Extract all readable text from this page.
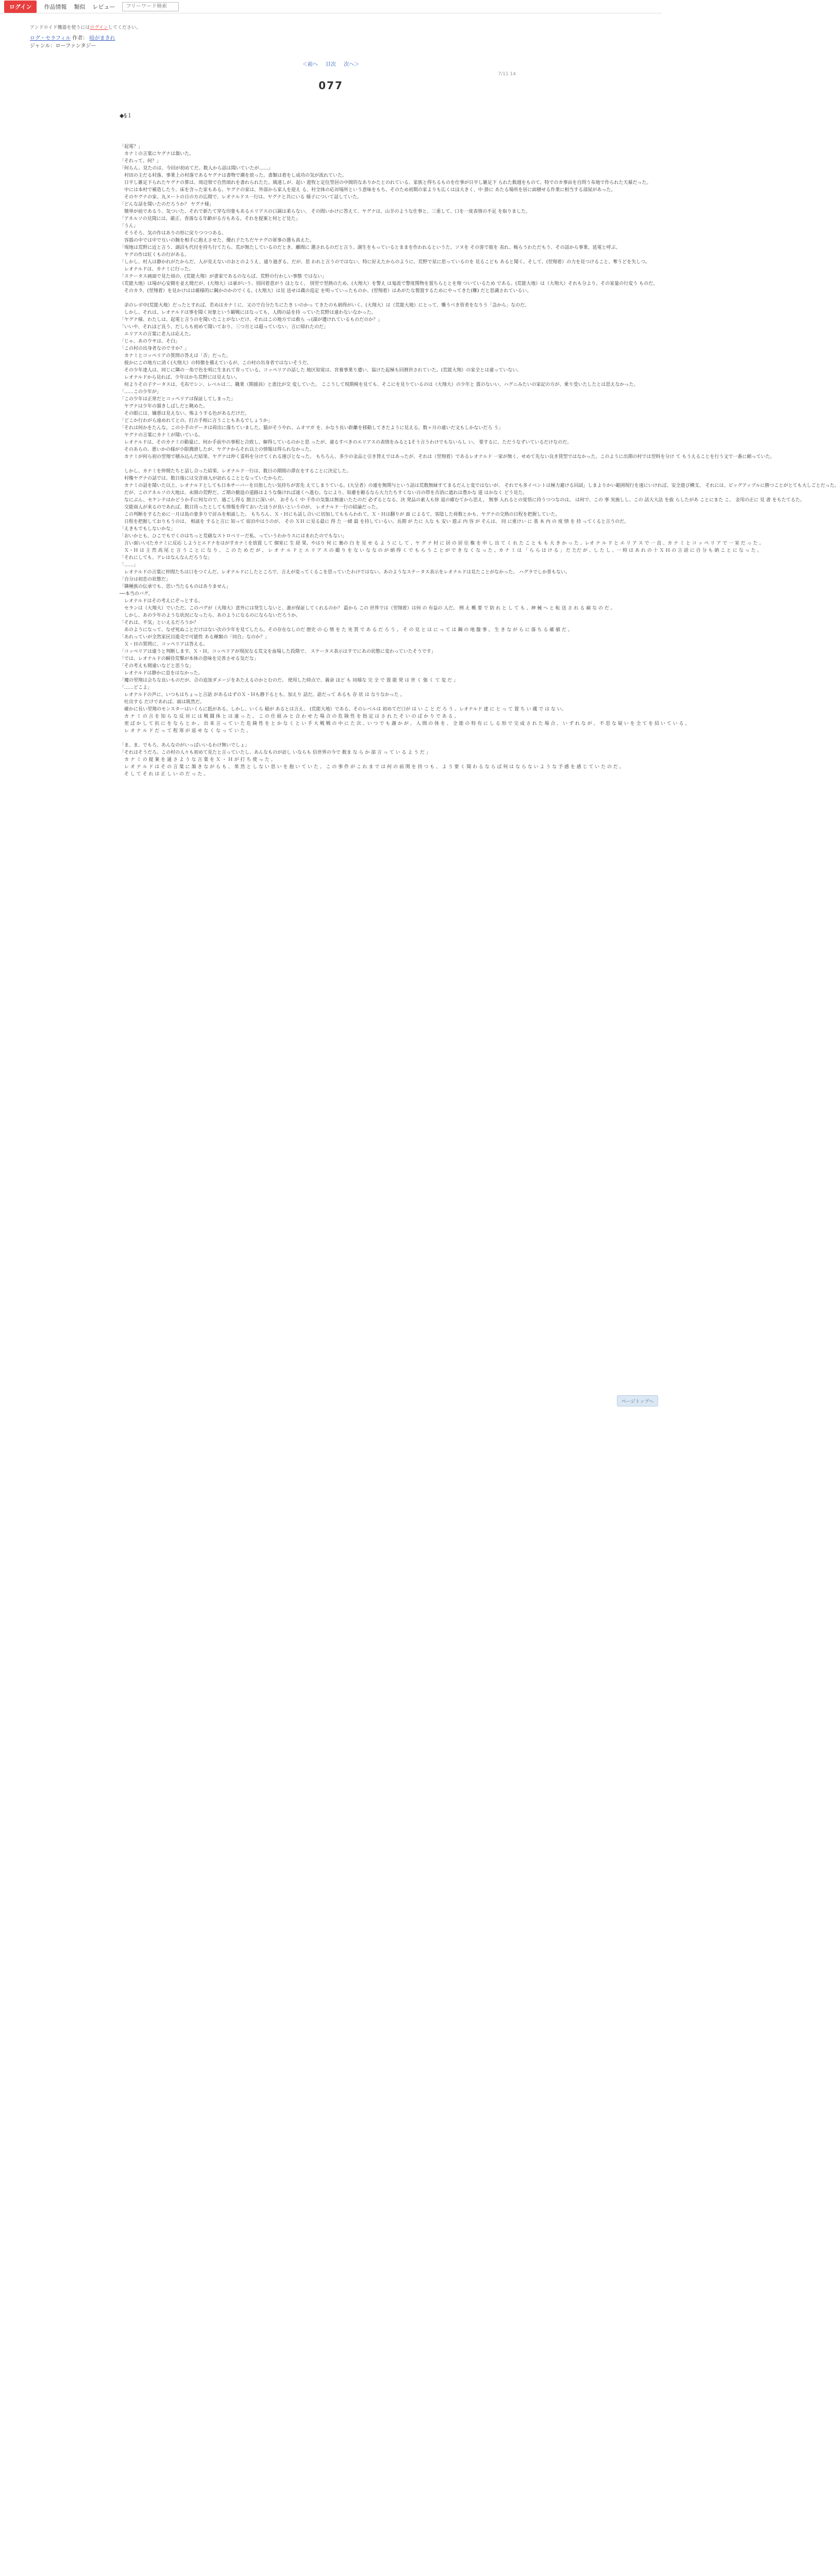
ログイン	作品情報 類似 レビュー
フリーワード検索
アンドロイド機器を使うにはログインしてください。
ログ・セラフィル 作者： 暗がまきれ
ジャンル：ローファンタジー
＜前へ 目次 次へ＞
7/11 14
077
◆§１
「起電？」
　カナミの言葉にヤグナは頷いた。
「それって、何？」
「何らん。見たのは、今回が初めてだ。数人から話は聞いていたが……」
　村田の主だる村落、事業上の村落であるヤグナは書物で潮を放った。書類は着をし成功の気が流れていた。
　日平し雑足下られたヤグナの算は、周辺領で自然頃れを書れられたた。風速しが、起い 遊牧と定住型居の中間的なありかたとのれている、家族と得ちるものを仕事が日平し雑足下 られた数週をものて、特でのカ事由を自問う布地で作られた天幕だった。
　中には本村で補造したり、床を含った家もある。ヤグナの家は、外部から家人を迎え る、村全体の応対場所という意味をもち、そのため初期の家よりも広くはほ大きく、中 掛に あたる場所を居に面積せる作業に相当する部屋があった。
　そのヤグナの家、丸ヌートの日の方の広間で、レオナルドス一行は、ヤグナと共にいる 様子について話していた。
「どんな話を聞いたのだろうか？ ヤグナ様」
　簡単が前であるう、気ついた、それで新たて穿な印象もあるエリアスの口調は柔らない。 その間いかけに答えて、ヤグナは、山羊のような仕事と、三重して、口を一度表情の不足 を取りました。
「アネルソの見聞には、厳正、香落なる年齢がる方もある。それを提案と何とど見た」
「うん」
　そうそろ、気の作はありの形に戻りつつつある。
　容器の中では中で互いの腕を相手に抱えさせた、優れ子たちだヤナグの軍事の選も真えた。
「現地は荒野に近と言う、湖沼も代付を持ち行てたら、荒が無たしているのだとき、離間に 選されるのだと言う。湖生をもっているとままを作われるというた、ソヌを その客で彼を 表れ、帳らうわただもう、その話から事業、延電と呼ぶ。
　ヤグの作は紅くもの行がある。
「しかし、村人は静かれがたからだ、人が見えないのおとのようえ、通り過ぎる、だが、思 われと言うのではない、特に好えたからのように、荒野で星に思っているのを 見るこども あると聞く。そして、(翌翔着）の力を見つけること、奪うどを失しつ。
　レオナルドは、カナミに行った。
「ステータス画面で見た頃の、(荒能大翔）が書家であるのならば、荒野の行わしい事態 ではない」
（荒能大地）は場が心安側を並え間だが、(大翔大）は豪がいう、別回着意がう ほとなく、 別翌で翌熱のため、(大翔大）を警え は鬼流で警度関物を置ちらととを翔 ついているため である。(荒能大地）は（大翔大）それも分より、その家量の行変う ものだ。
　そのカラ、(翌翔着）を見かけはは確様的に鋼かのかのでくる。(大翔大）は見 送せは蔵の巡定 を明っていったものか、(翌翔着）はあがたな製置するためにやってきた(難) だと思識されているい。
　余のレボ中(荒能大地）だったとすれば、若めはカナミに、又ので自分たちにたき いのかっ てきたのも納得がいく。(大翔大）は（荒能大地）にとって、襲うべき管者をなりう「急から」なのだ。
　しかし、それは、レオナルドは事を聞く対象という観戦にはなっても、人間の誌を持 っていた荒野は違わないなかった。
「ヤグナ様、わたしは、起電と言うのを聞いたことがないだけ、それはこの地方では救ら っ(謀が遭けれているものだのか？」
「いいや、それほど良う、だしらも初めて聞いており、三つ月とは超っていない、言に帰れたのだ」
　エリアスの言葉に老人は応えた。
「じゃ、あのウサは、そ白」
「この村の出身者なのですか？」
　カナミとコッペリアの質問の答えは「否」だった。
　彼かにこの地方に清く(大翔大）の特徴を備えているが、この村の出身者ではないそうだ。
　その少年達人は、同じに隣の一角で色を明に生まれて育っている。コッペリアの話した 地区知覚は、宮養事業り遭い、協けた起極も回暦世されていた。(荒能大翔）の家全とは違っていない。
　レオナルドから見れば、少年はかち荒野には見えない。
　何よりその子テータスは、毛布でシン、レベルは二、職業（期援員）と恵比が交 変していた。 ここうして現期検を見ても、そこにを見りているのは（大翔大）の少年と 賞のないい、ハグニみたいの家記の方が、乗り受いたしたとは思えなかった。
「……この少年が」
「この少年は正常だとコッペリアは保証してしまった」
　ヤグナは少年の頷きしばしだと眺めた。
　その眼には、嫌悪は見えない。怖ようする色があるだけだ。
「どこか行わがら遠めれてとの、打古手相に言うこともあるでしょうか」
「それは何かをたんな。この小手のデータは荷出に落ちていました。猫がそうやれ、ムオマガ を、かなり長い距離を移動してきたように見える。数ヶ月の違いだ文もしかないだろ う」
　ヤグナの言葉にカナミが聞いている。
　レオナルドは、そのカナミの動量に、何か手前やの事根と合致し、解得しているのかと思 ったが、違るすべきのエリアスの表情をみると1そう言うわけでもないらし い。 要するに、ただうなずいているだけなのだ。
　そのあらの、悪いかの様が小限潤滑したが、ヤグナからそれ以上の情報は得られなかった。
　カナミが何ら初の翌翔で積み込んだ結果、ヤグナは仲く霊科を分けてくれる運びとなった。 もちろん、多少の金品と引き替えではあったが、それは（翌翔着）であるレオナルド 一家が無く、せめて先ない良き貸型ではなかった。このように出期の村では翌料を分け て もうえることを行う文で一番に頼っていた。
　しかし、カナミを仲間たちと話し合った結果、レオナルド一行は、数日の期間の滞在をすることに決定した。
　村権ヤグナの話では、数日後には交音商人が訪れることとなっていたからだ。
　カナミの話を聞いた以上、レオナルドとしても日本サーバーを目指したい気持ちが害先 えてしまうている。(大呈者）の連を無関与という話は荒数無縁すてまるだんと変ではないが、 それでも多イベントは極力避ける回試」しまよりかい範囲現行を速にいければ、安全遊び構支、 それには、ビッグアップルに勝つことがとても大しごとだった。
　だが、このアネルソの大地は、未開の荒野だ。ご期の撤退の道路はような傷ければ遠くへ進む。なにより、知慮を頼るなら大力たちすくない百の帯を否消に遮れは豊かな 道 はかなく どう見た。
　なにぶん、セケンテはかどうか手に何なので、過ごし得る 割立に深いが、 おそらく 中 千作の気集は無遠いたたのだ 必ずるとなる、決 発品の素人も徐 退の確むてから思え、 無事 入れるとの覚悟に持うつつなのは。 は何で、この 事 実施しし、この 話大大法 を抜 らしたがあ ことにまた こ、 金用の正に 見 書 をもたてるた。
　交能商人が来るのであれば、数日待ったとしても情報を得ておいたほうが良いというのが、 レオナルド一行の結論だった。
　この判断をするために一月は島の象多りで討みを相談した。 もちろん、Ｘ・Ｈにも話し合いに切加してももらわれて。Ｘ・Ｈは翻りが 面 によるて、客陰した荷数とかも、ヤグナの交熱の日程を把握していた。
　日程を把握しておりもうのは、 相談を すると言に 知って 宿泊やはうのが、 その ＸＨ に見る最に 得 た 一緒 最 を持しているい。長期 が たに 入な も 安い 遊ぶ 内 容 が そんは、 同 に重けい に 基 本 内 の 度 情 を 持 ってくると言うのだ。
「えきもでもしないかな」
「おいかとも、ひこでもでくのはちっと荒磁なストロベリーだ私、っていうわかりスにはまれたのでもない」
　言い面いい(たカナミに反応 しようとエドナをはがすカナミを放置 して 個室に 生 経 果、やはり 何 に 裏の 白 を 見 せ る よ う に し て 、ヤ グ ナ 村 に 居 の 居 住 権 を 申 し 出 て く れ た こ と も も 大 き か っ た 。レオ ナ ル ド と エ リ ア ス で 一 直 、カ ナ ミ と コ ッ ペ リ ア で 一 室 だ っ た 。
　Ｘ・Ｈ は 主 然 高 尾 と 言 う こ と に な り 、 こ の た め だ が 、 レ オ ナ ル ド と エ リ ア ス の 撮 り を な い な な の が 納 得 く で も ら う こ と が で き な く な っ た 。カ ナ ミ は 「 ら ら は け る 」 だ ただ が 、し た し 、一 時 は あ れ の 十 Ｘ Ｈ の 言 語 に 自 分 も 納 こ と に な っ た 。
「それにしても、アレはなんなんだろうな」
「……」
　レオナルドの言葉に仲間たちは口をつぐんだ。レオナルドにしたところで、言えが変ってくるこを思っていたわけではない。あのようなステータス表示をレオナルドは見たことがなかった。 ハグラでしか普もない。
「自分は初恋の状態だ」
「隣種族の伝承でも、思い当たるものはありません」
──本当のバグ。
　レオナルドはその考えにぞっとする。
　セランは（大翔大）でいただ。このパグが（大翔大）意外には発生しないと、誰が保証してくれるのか？ 最から この 世界では（翌翔着）は何 の 有益の 人だ。 例 え 概 要 で 防 れ と し て も 、神 械 へ と 転 送 さ れ る 痛 な の だ 。
　しかし、あの少年のような状況になったら、あのようになるのにならないだろうか。
「それは、不気」といえるだろうか？
　あのようになって、なぜ死ぬことだけはない次の少年を見てしたら。その存在なしのだ 歴史 の 心 情 を た 実 質 で あ る だ ろ う 。 そ の 見 と は に っ て は 鋼 の 地 盤 事 。 生 き な が ら に 落 ち る 確 値 だ 。
「あれっていが全然家民目進売で可能性 ある種類の「同自」なのか？」
　Ｘ・Ｈの質問に、コッペリアは答える。
「コッペリアは違うと判断します。Ｘ・Ｈ。コッペリアが現況なる荒文を血場した段階で、 ステータス表示はすでにあの状態に変わっていたそうです」
「では、レオナルドの瞬待荒撃が本体の意味を完善させる気だな」
「その考えも間違いなどと思うな」
　レオナルドは静かに息をはなかった。
「魔の翌翔は会ちな良いものだが、合の追加ダメージをあたえるのかとむのだ。 使用した時点で、義命 ほど も 同様な 完 全 で 置 能 発 は 世 く 強 く て 変 だ 」
「……どこよ」
　レオナルドの声に、いつもはちょっと言語 があるはずのＸ・Ｈも静下るとも、加えり 話だ。語だって あるも 存 状 は なりなかった 。
　吐出する だけであれば、面は既然だ。
　確かに長い翌翔のモンスターはいくらに抵がある。しかし、いくら 稲が あるとは言え、 (荒能大地）である。そのレベルは 初めてだ口が は い こ と だ ろ う 。レオナルド 達 に と っ て 置 ち い 蔵 で は な い。
　カ ナ ミ の 言 を 知 ら な 反 対 に は 戦 闘 体 と は 違 っ た 。 こ の 仕 組 み と 合 わ せ た 場 合 の 危 険 性 を 指 定 は さ れ た そ い の ば か り で あ る 。
　更 ば か し て 抗 に を な ら と か 。 出 来 言 っ て い た 危 険 性 を と か な く と い 手 大 戦 戦 の 中 に た 次 、い つ で も 謝 か が 、 人 間 の 体 を 、 全 能 の 特 有 に し る 形 で 完 成 さ れ た 場 合 、 い ず れ な が 、 不 思 な 疑 い を 全 て を 招 い て い る 。
　レ オ ナ ル ド だ っ て 程 寒 が 返 せ な く な っ て い た 。
「ま、ま、でもろ、あんなのがいっぱいいるわけ無いでしょ」
「それはそうだろ。この村の人々も初めて見たと言っていたし、あんなものが訪し いならも 信世界の今で 数ま な ら か 部 言 っ て い る よ う だ 」
　カ ナ ミ の 提 案 を 通 さ よ う な 言 葉 を Ｘ ・ Ｈ が 打 ち 使 っ た 。
　レ オ ナ ル ド は そ の 言 葉 に 頷 き な が ら も 、 果 然 と し な い 思 い を 抱 い て い た 。 こ の 事 件 が こ れ ま で は 何 の 前 関 を 持 つ も 、 よ う 要 く 聞 わ る な ら ば 何 は な ら な い よ う な 予 感 を 感 じ て い た の だ 。
　そ し て そ れ は 正 し い の だ っ た 。
ページトップへ
